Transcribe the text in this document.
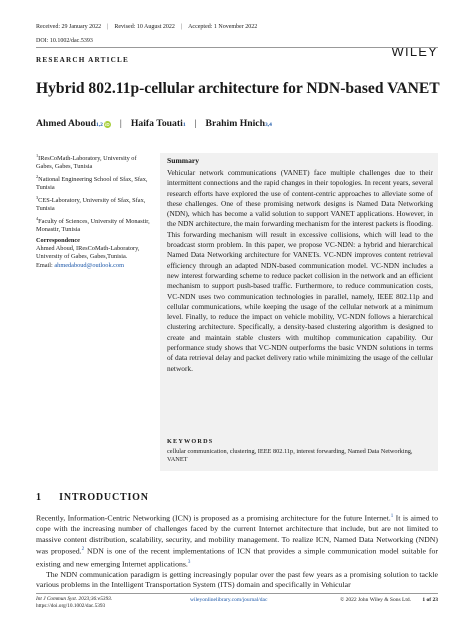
Received: 29 January 2022 | Revised: 10 August 2022 | Accepted: 1 November 2022
DOI: 10.1002/dac.5393
WILEY
RESEARCH ARTICLE
Hybrid 802.11p-cellular architecture for NDN-based VANET
Ahmed Aboud 1,2 iD | Haifa Touati 1 | Brahim Hnich 3,4

$^1$IResCoMath-Laboratory, University of Gabes, Gabes, Tunisia

$^2$National Engineering School of Sfax, Sfax, Tunisia

$^3$CES-Laboratory, University of Sfax, Sfax, Tunisia

$^4$Faculty of Sciences, University of Monastir, Monastir, Tunisia

Correspondence
Ahmed Aboud, IResCoMath-Laboratory, University of Gabes, Gabes,Tunisia.
Email: ahmedaboud@outlook.com
Summary

Vehicular network communications (VANET) face multiple challenges due to their intermittent connections and the rapid changes in their topologies. In recent years, several research efforts have explored the use of content-centric approaches to alleviate some of these challenges. One of these promising network designs is Named Data Networking (NDN), which has become a valid solution to support VANET applications. However, in the NDN architecture, the main forwarding mechanism for the interest packets is flooding. This forwarding mechanism will result in excessive collisions, which will lead to the broadcast storm problem. In this paper, we propose VC-NDN: a hybrid and hierarchical Named Data Networking architecture for VANETs. VC-NDN improves content retrieval efficiency through an adapted NDN-based communication model. VC-NDN includes a new interest forwarding scheme to reduce packet collision in the network and an efficient mechanism to support push-based traffic. Furthermore, to reduce communication costs, VC-NDN uses two communication technologies in parallel, namely, IEEE 802.11p and cellular communications, while keeping the usage of the cellular network at a minimum level. Finally, to reduce the impact on vehicle mobility, VC-NDN follows a hierarchical clustering architecture. Specifically, a density-based clustering algorithm is designed to create and maintain stable clusters with multihop communication capability. Our performance study shows that VC-NDN outperforms the basic VNDN solutions in terms of data retrieval delay and packet delivery ratio while minimizing the usage of the cellular network.

KEYWORDS
cellular communication, clustering, IEEE 802.11p, interest forwarding, Named Data Networking, VANET
1 INTRODUCTION

Recently, Information-Centric Networking (ICN) is proposed as a promising architecture for the future Internet.$^1$ It is aimed to cope with the increasing number of challenges faced by the current Internet architecture that include, but are not limited to massive content distribution, scalability, security, and mobility management. To realize ICN, Named Data Networking (NDN) was proposed.$^2$ NDN is one of the recent implementations of ICN that provides a simple communication model suitable for existing and new emerging Internet applications.$^3$

The NDN communication paradigm is getting increasingly popular over the past few years as a promising solution to tackle various problems in the Intelligent Transportation System (ITS) domain and specifically in Vehicular

Int J Commun Syst. 2023;36:e5393.
https://doi.org/10.1002/dac.5393
wileyonlinelibrary.com/journal/dac	© 2022 John Wiley & Sons Ltd. 1 of 23
